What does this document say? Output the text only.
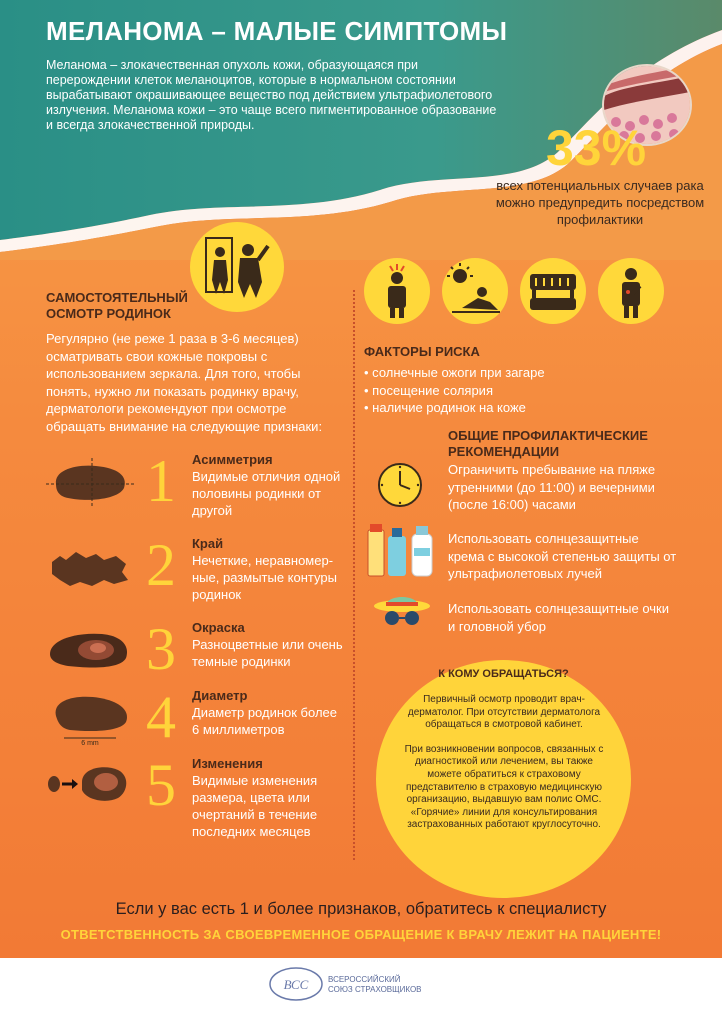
МЕЛАНОМА – МАЛЫЕ СИМПТОМЫ
Меланома – злокачественная опухоль кожи, образующаяся при перерождении клеток меланоцитов, которые в нормальном состоянии вырабатывают окрашивающее вещество под действием ультрафиолетового излучения. Меланома кожи – это чаще всего пигментированное образование и всегда злокачественной природы.	33%
всех потенциальных случаев рака можно предупредить посредством профилактики
САМОСТОЯТЕЛЬНЫЙ ОСМОТР РОДИНОК
Регулярно (не реже 1 раза в 3-6 месяцев) осматривать свои кожные покровы с использованием зеркала. Для того, чтобы понять, нужно ли показать родинку врачу, дерматологи рекомендуют при осмотре обращать внимание на следующие признаки:
1 Асимметрия
Видимые отличия одной половины родинки от другой
2 Край
Нечеткие, неравномер-ные, размытые контуры родинок
3 Окраска
Разноцветные или очень темные родинки
6 mm 4 Диаметр
Диаметр родинок более 6 миллиметров
5 Изменения
Видимые изменения размера, цвета или очертаний в течение последних месяцев
ФАКТОРЫ РИСКА
• солнечные ожоги при загаре
• посещение солярия
• наличие родинок на коже
ОБЩИЕ ПРОФИЛАКТИЧЕСКИЕ РЕКОМЕНДАЦИИ
Ограничить пребывание на пляже утренними (до 11:00) и вечерними (после 16:00) часами
Использовать солнцезащитные крема с высокой степенью защиты от ультрафиолетовых лучей
Использовать солнцезащитные очки и головной убор
К КОМУ ОБРАЩАТЬСЯ?
Первичный осмотр проводит врач-дерматолог. При отсутствии дерматолога обращаться в смотровой кабинет.
При возникновении вопросов, связанных с диагностикой или лечением, вы также можете обратиться к страховому представителю в страховую медицинскую организацию, выдавшую вам полис ОМС. «Горячие» линии для консультирования застрахованных работают круглосуточно.
Если у вас есть 1 и более признаков, обратитесь к специалисту
ОТВЕТСТВЕННОСТЬ ЗА СВОЕВРЕМЕННОЕ ОБРАЩЕНИЕ К ВРАЧУ ЛЕЖИТ НА ПАЦИЕНТЕ!
ВСС ВСЕРОССИЙСКИЙ
СОЮЗ СТРАХОВЩИКОВ
